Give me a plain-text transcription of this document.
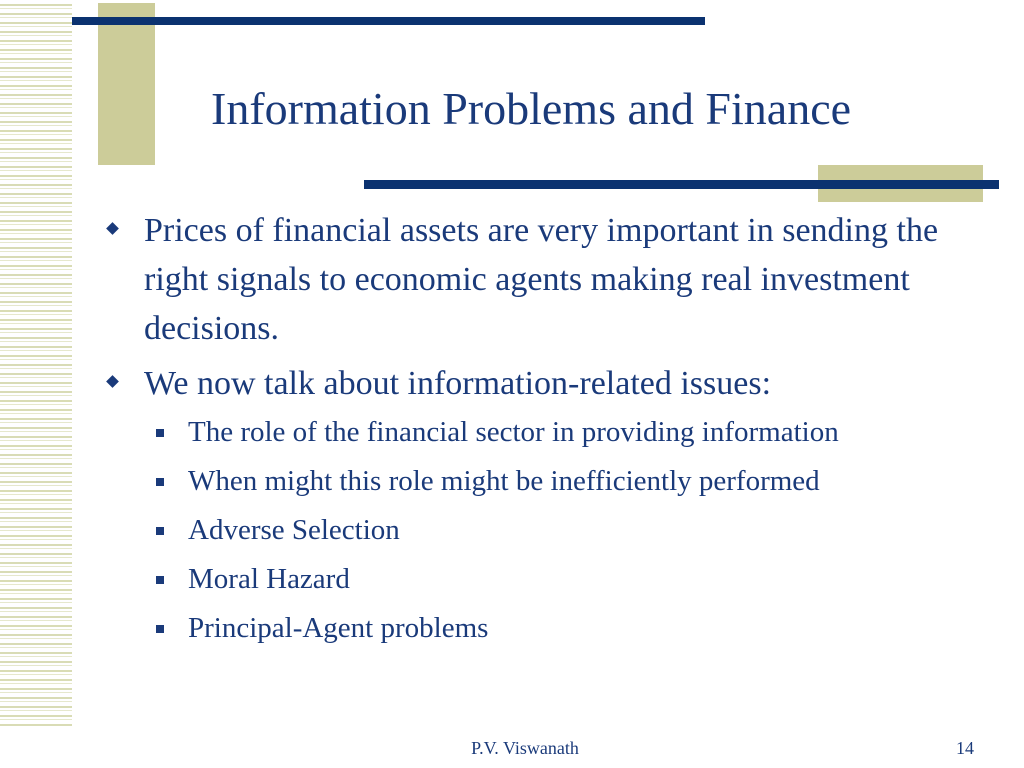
Information Problems and Finance
Prices of financial assets are very important in sending the right signals to economic agents making real investment decisions.
We now talk about information-related issues:
The role of the financial sector in providing information
When might this role might be inefficiently performed
Adverse Selection
Moral Hazard
Principal-Agent problems
P.V. Viswanath	14
